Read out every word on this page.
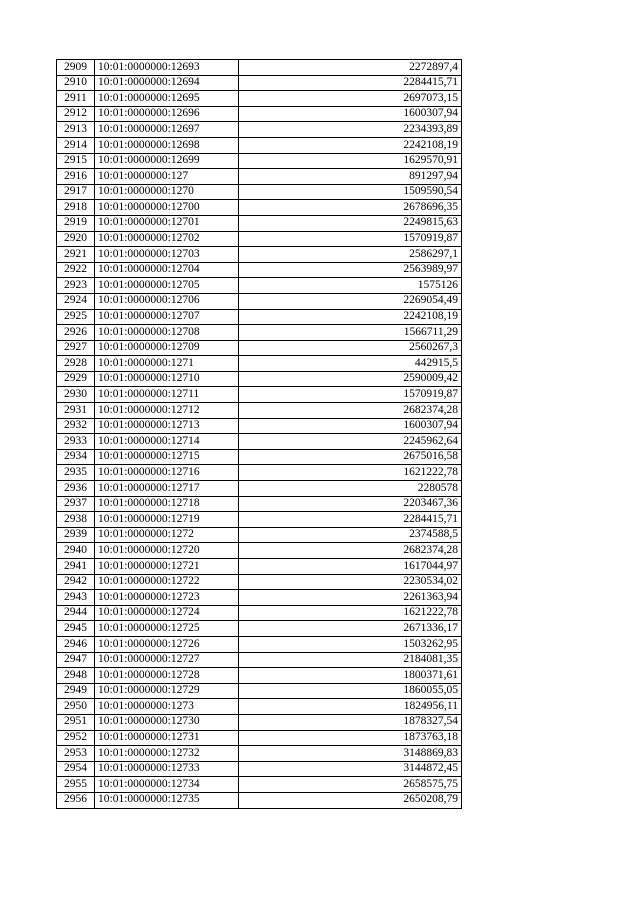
2909	10:01:0000000:12693	2272897,4
2910	10:01:0000000:12694	2284415,71
2911	10:01:0000000:12695	2697073,15
2912	10:01:0000000:12696	1600307,94
2913	10:01:0000000:12697	2234393,89
2914	10:01:0000000:12698	2242108,19
2915	10:01:0000000:12699	1629570,91
2916	10:01:0000000:127	891297,94
2917	10:01:0000000:1270	1509590,54
2918	10:01:0000000:12700	2678696,35
2919	10:01:0000000:12701	2249815,63
2920	10:01:0000000:12702	1570919,87
2921	10:01:0000000:12703	2586297,1
2922	10:01:0000000:12704	2563989,97
2923	10:01:0000000:12705	1575126
2924	10:01:0000000:12706	2269054,49
2925	10:01:0000000:12707	2242108,19
2926	10:01:0000000:12708	1566711,29
2927	10:01:0000000:12709	2560267,3
2928	10:01:0000000:1271	442915,5
2929	10:01:0000000:12710	2590009,42
2930	10:01:0000000:12711	1570919,87
2931	10:01:0000000:12712	2682374,28
2932	10:01:0000000:12713	1600307,94
2933	10:01:0000000:12714	2245962,64
2934	10:01:0000000:12715	2675016,58
2935	10:01:0000000:12716	1621222,78
2936	10:01:0000000:12717	2280578
2937	10:01:0000000:12718	2203467,36
2938	10:01:0000000:12719	2284415,71
2939	10:01:0000000:1272	2374588,5
2940	10:01:0000000:12720	2682374,28
2941	10:01:0000000:12721	1617044,97
2942	10:01:0000000:12722	2230534,02
2943	10:01:0000000:12723	2261363,94
2944	10:01:0000000:12724	1621222,78
2945	10:01:0000000:12725	2671336,17
2946	10:01:0000000:12726	1503262,95
2947	10:01:0000000:12727	2184081,35
2948	10:01:0000000:12728	1800371,61
2949	10:01:0000000:12729	1860055,05
2950	10:01:0000000:1273	1824956,11
2951	10:01:0000000:12730	1878327,54
2952	10:01:0000000:12731	1873763,18
2953	10:01:0000000:12732	3148869,83
2954	10:01:0000000:12733	3144872,45
2955	10:01:0000000:12734	2658575,75
2956	10:01:0000000:12735	2650208,79
